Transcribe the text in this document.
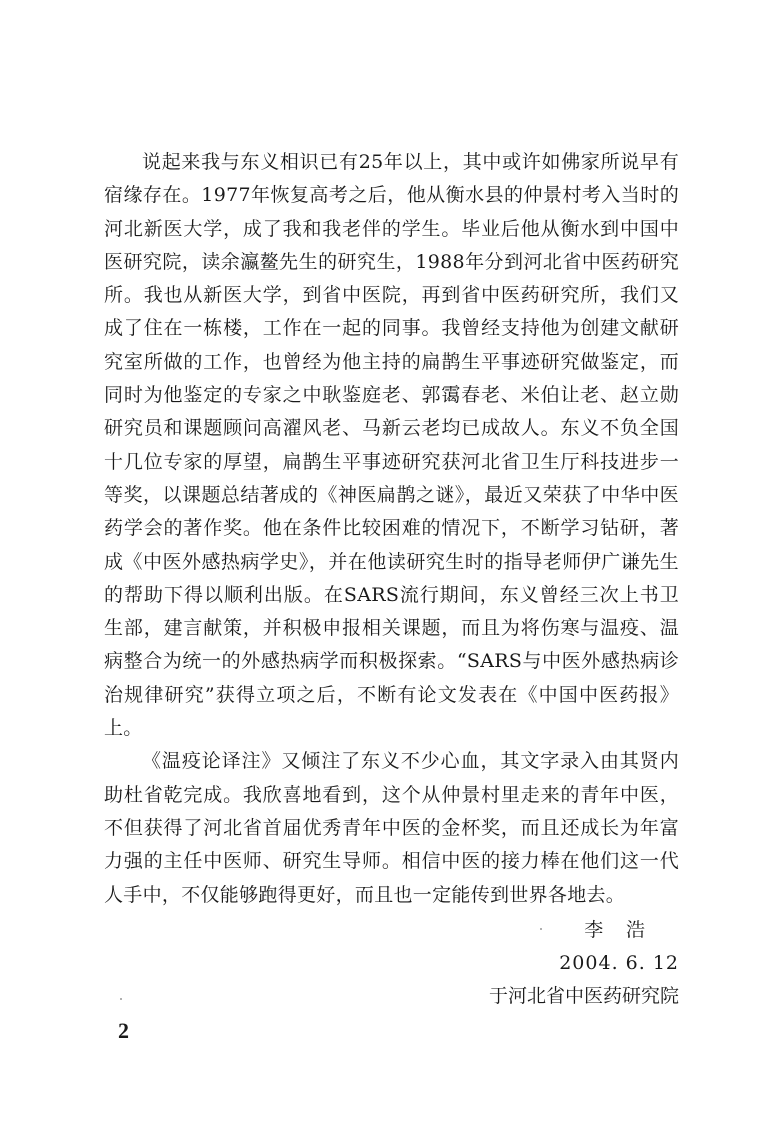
说起来我与东义相识已有25年以上，其中或许如佛家所说早有宿缘存在。1977年恢复高考之后，他从衡水县的仲景村考入当时的河北新医大学，成了我和我老伴的学生。毕业后他从衡水到中国中医研究院，读余瀛鳌先生的研究生，1988年分到河北省中医药研究所。我也从新医大学，到省中医院，再到省中医药研究所，我们又成了住在一栋楼，工作在一起的同事。我曾经支持他为创建文献研究室所做的工作，也曾经为他主持的扁鹊生平事迹研究做鉴定，而同时为他鉴定的专家之中耿鉴庭老、郭霭春老、米伯让老、赵立勋研究员和课题顾问高濯风老、马新云老均已成故人。东义不负全国十几位专家的厚望，扁鹊生平事迹研究获河北省卫生厅科技进步一等奖，以课题总结著成的《神医扁鹊之谜》，最近又荣获了中华中医药学会的著作奖。他在条件比较困难的情况下，不断学习钻研，著成《中医外感热病学史》，并在他读研究生时的指导老师伊广谦先生的帮助下得以顺利出版。在SARS流行期间，东义曾经三次上书卫生部，建言献策，并积极申报相关课题，而且为将伤寒与温疫、温病整合为统一的外感热病学而积极探索。“SARS与中医外感热病诊治规律研究”获得立项之后，不断有论文发表在《中国中医药报》上。

《温疫论译注》又倾注了东义不少心血，其文字录入由其贤内助杜省乾完成。我欣喜地看到，这个从仲景村里走来的青年中医，不但获得了河北省首届优秀青年中医的金杯奖，而且还成长为年富力强的主任中医师、研究生导师。相信中医的接力棒在他们这一代人手中，不仅能够跑得更好，而且也一定能传到世界各地去。

李浩
2004. 6. 12
于河北省中医药研究院
2
